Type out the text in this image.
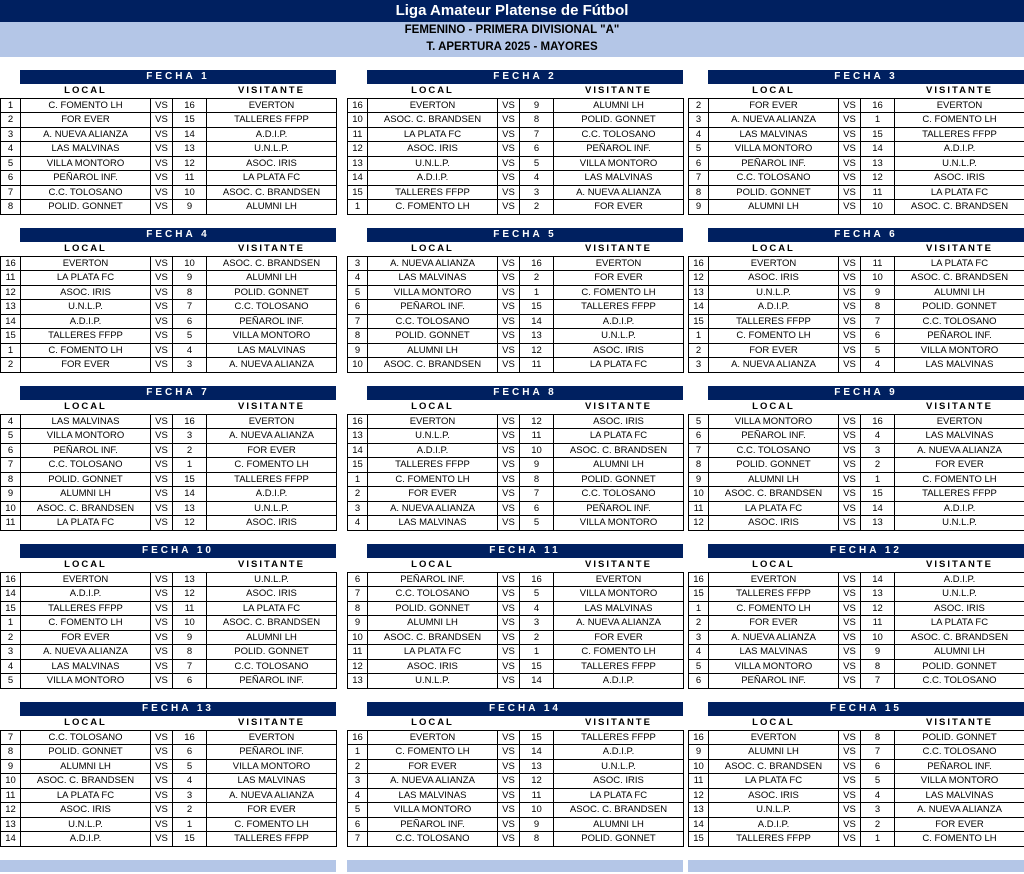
Liga Amateur Platense de Fútbol
FEMENINO - PRIMERA DIVISIONAL "A"
T. APERTURA 2025 - MAYORES
FECHA 1
	LOCAL			VISITANTE
1	C. FOMENTO LH	VS	16	EVERTON
2	FOR EVER	VS	15	TALLERES FFPP
3	A. NUEVA ALIANZA	VS	14	A.D.I.P.
4	LAS MALVINAS	VS	13	U.N.L.P.
5	VILLA MONTORO	VS	12	ASOC. IRIS
6	PEÑAROL INF.	VS	11	LA PLATA FC
7	C.C. TOLOSANO	VS	10	ASOC. C. BRANDSEN
8	POLID. GONNET	VS	9	ALUMNI LH
FECHA 2
	LOCAL			VISITANTE
16	EVERTON	VS	9	ALUMNI LH
10	ASOC. C. BRANDSEN	VS	8	POLID. GONNET
11	LA PLATA FC	VS	7	C.C. TOLOSANO
12	ASOC. IRIS	VS	6	PEÑAROL INF.
13	U.N.L.P.	VS	5	VILLA MONTORO
14	A.D.I.P.	VS	4	LAS MALVINAS
15	TALLERES FFPP	VS	3	A. NUEVA ALIANZA
1	C. FOMENTO LH	VS	2	FOR EVER
FECHA 3
	LOCAL			VISITANTE
2	FOR EVER	VS	16	EVERTON
3	A. NUEVA ALIANZA	VS	1	C. FOMENTO LH
4	LAS MALVINAS	VS	15	TALLERES FFPP
5	VILLA MONTORO	VS	14	A.D.I.P.
6	PEÑAROL INF.	VS	13	U.N.L.P.
7	C.C. TOLOSANO	VS	12	ASOC. IRIS
8	POLID. GONNET	VS	11	LA PLATA FC
9	ALUMNI LH	VS	10	ASOC. C. BRANDSEN
FECHA 4
	LOCAL			VISITANTE
16	EVERTON	VS	10	ASOC. C. BRANDSEN
11	LA PLATA FC	VS	9	ALUMNI LH
12	ASOC. IRIS	VS	8	POLID. GONNET
13	U.N.L.P.	VS	7	C.C. TOLOSANO
14	A.D.I.P.	VS	6	PEÑAROL INF.
15	TALLERES FFPP	VS	5	VILLA MONTORO
1	C. FOMENTO LH	VS	4	LAS MALVINAS
2	FOR EVER	VS	3	A. NUEVA ALIANZA
FECHA 5
	LOCAL			VISITANTE
3	A. NUEVA ALIANZA	VS	16	EVERTON
4	LAS MALVINAS	VS	2	FOR EVER
5	VILLA MONTORO	VS	1	C. FOMENTO LH
6	PEÑAROL INF.	VS	15	TALLERES FFPP
7	C.C. TOLOSANO	VS	14	A.D.I.P.
8	POLID. GONNET	VS	13	U.N.L.P.
9	ALUMNI LH	VS	12	ASOC. IRIS
10	ASOC. C. BRANDSEN	VS	11	LA PLATA FC
FECHA 6
	LOCAL			VISITANTE
16	EVERTON	VS	11	LA PLATA FC
12	ASOC. IRIS	VS	10	ASOC. C. BRANDSEN
13	U.N.L.P.	VS	9	ALUMNI LH
14	A.D.I.P.	VS	8	POLID. GONNET
15	TALLERES FFPP	VS	7	C.C. TOLOSANO
1	C. FOMENTO LH	VS	6	PEÑAROL INF.
2	FOR EVER	VS	5	VILLA MONTORO
3	A. NUEVA ALIANZA	VS	4	LAS MALVINAS
FECHA 7
	LOCAL			VISITANTE
4	LAS MALVINAS	VS	16	EVERTON
5	VILLA MONTORO	VS	3	A. NUEVA ALIANZA
6	PEÑAROL INF.	VS	2	FOR EVER
7	C.C. TOLOSANO	VS	1	C. FOMENTO LH
8	POLID. GONNET	VS	15	TALLERES FFPP
9	ALUMNI LH	VS	14	A.D.I.P.
10	ASOC. C. BRANDSEN	VS	13	U.N.L.P.
11	LA PLATA FC	VS	12	ASOC. IRIS
FECHA 8
	LOCAL			VISITANTE
16	EVERTON	VS	12	ASOC. IRIS
13	U.N.L.P.	VS	11	LA PLATA FC
14	A.D.I.P.	VS	10	ASOC. C. BRANDSEN
15	TALLERES FFPP	VS	9	ALUMNI LH
1	C. FOMENTO LH	VS	8	POLID. GONNET
2	FOR EVER	VS	7	C.C. TOLOSANO
3	A. NUEVA ALIANZA	VS	6	PEÑAROL INF.
4	LAS MALVINAS	VS	5	VILLA MONTORO
FECHA 9
	LOCAL			VISITANTE
5	VILLA MONTORO	VS	16	EVERTON
6	PEÑAROL INF.	VS	4	LAS MALVINAS
7	C.C. TOLOSANO	VS	3	A. NUEVA ALIANZA
8	POLID. GONNET	VS	2	FOR EVER
9	ALUMNI LH	VS	1	C. FOMENTO LH
10	ASOC. C. BRANDSEN	VS	15	TALLERES FFPP
11	LA PLATA FC	VS	14	A.D.I.P.
12	ASOC. IRIS	VS	13	U.N.L.P.
FECHA 10
	LOCAL			VISITANTE
16	EVERTON	VS	13	U.N.L.P.
14	A.D.I.P.	VS	12	ASOC. IRIS
15	TALLERES FFPP	VS	11	LA PLATA FC
1	C. FOMENTO LH	VS	10	ASOC. C. BRANDSEN
2	FOR EVER	VS	9	ALUMNI LH
3	A. NUEVA ALIANZA	VS	8	POLID. GONNET
4	LAS MALVINAS	VS	7	C.C. TOLOSANO
5	VILLA MONTORO	VS	6	PEÑAROL INF.
FECHA 11
	LOCAL			VISITANTE
6	PEÑAROL INF.	VS	16	EVERTON
7	C.C. TOLOSANO	VS	5	VILLA MONTORO
8	POLID. GONNET	VS	4	LAS MALVINAS
9	ALUMNI LH	VS	3	A. NUEVA ALIANZA
10	ASOC. C. BRANDSEN	VS	2	FOR EVER
11	LA PLATA FC	VS	1	C. FOMENTO LH
12	ASOC. IRIS	VS	15	TALLERES FFPP
13	U.N.L.P.	VS	14	A.D.I.P.
FECHA 12
	LOCAL			VISITANTE
16	EVERTON	VS	14	A.D.I.P.
15	TALLERES FFPP	VS	13	U.N.L.P.
1	C. FOMENTO LH	VS	12	ASOC. IRIS
2	FOR EVER	VS	11	LA PLATA FC
3	A. NUEVA ALIANZA	VS	10	ASOC. C. BRANDSEN
4	LAS MALVINAS	VS	9	ALUMNI LH
5	VILLA MONTORO	VS	8	POLID. GONNET
6	PEÑAROL INF.	VS	7	C.C. TOLOSANO
FECHA 13
	LOCAL			VISITANTE
7	C.C. TOLOSANO	VS	16	EVERTON
8	POLID. GONNET	VS	6	PEÑAROL INF.
9	ALUMNI LH	VS	5	VILLA MONTORO
10	ASOC. C. BRANDSEN	VS	4	LAS MALVINAS
11	LA PLATA FC	VS	3	A. NUEVA ALIANZA
12	ASOC. IRIS	VS	2	FOR EVER
13	U.N.L.P.	VS	1	C. FOMENTO LH
14	A.D.I.P.	VS	15	TALLERES FFPP
FECHA 14
	LOCAL			VISITANTE
16	EVERTON	VS	15	TALLERES FFPP
1	C. FOMENTO LH	VS	14	A.D.I.P.
2	FOR EVER	VS	13	U.N.L.P.
3	A. NUEVA ALIANZA	VS	12	ASOC. IRIS
4	LAS MALVINAS	VS	11	LA PLATA FC
5	VILLA MONTORO	VS	10	ASOC. C. BRANDSEN
6	PEÑAROL INF.	VS	9	ALUMNI LH
7	C.C. TOLOSANO	VS	8	POLID. GONNET
FECHA 15
	LOCAL			VISITANTE
16	EVERTON	VS	8	POLID. GONNET
9	ALUMNI LH	VS	7	C.C. TOLOSANO
10	ASOC. C. BRANDSEN	VS	6	PEÑAROL INF.
11	LA PLATA FC	VS	5	VILLA MONTORO
12	ASOC. IRIS	VS	4	LAS MALVINAS
13	U.N.L.P.	VS	3	A. NUEVA ALIANZA
14	A.D.I.P.	VS	2	FOR EVER
15	TALLERES FFPP	VS	1	C. FOMENTO LH
